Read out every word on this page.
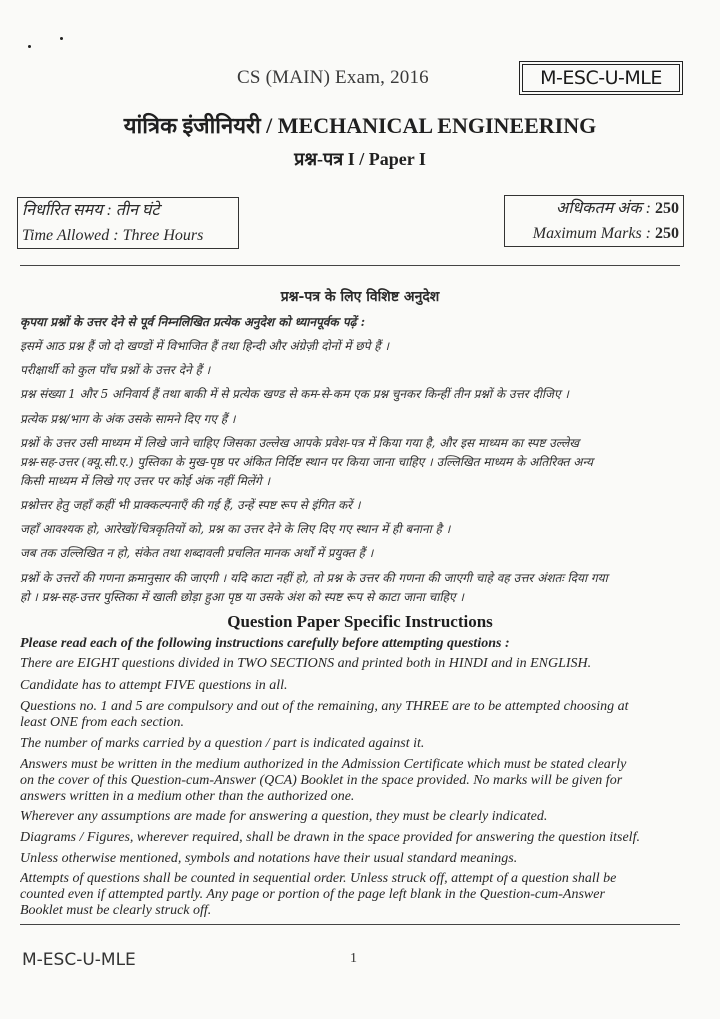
CS (MAIN) Exam, 2016	M-ESC-U-MLE
यांत्रिक इंजीनियरी / MECHANICAL ENGINEERING
प्रश्न-पत्र I / Paper I
निर्धारित समय : तीन घंटे
Time Allowed : Three Hours
अधिकतम अंक : 250
Maximum Marks : 250
प्रश्न-पत्र के लिए विशिष्ट अनुदेश
कृपया प्रश्नों के उत्तर देने से पूर्व निम्नलिखित प्रत्येक अनुदेश को ध्यानपूर्वक पढ़ें :
इसमें आठ प्रश्न हैं जो दो खण्डों में विभाजित हैं तथा हिन्दी और अंग्रेज़ी दोनों में छपे हैं ।
परीक्षार्थी को कुल पाँच प्रश्नों के उत्तर देने हैं ।
प्रश्न संख्या 1 और 5 अनिवार्य हैं तथा बाकी में से प्रत्येक खण्ड से कम-से-कम एक प्रश्न चुनकर किन्हीं तीन प्रश्नों के उत्तर दीजिए ।
प्रत्येक प्रश्न/भाग के अंक उसके सामने दिए गए हैं ।
प्रश्नों के उत्तर उसी माध्यम में लिखे जाने चाहिए जिसका उल्लेख आपके प्रवेश-पत्र में किया गया है, और इस माध्यम का स्पष्ट उल्लेख
प्रश्न-सह-उत्तर (क्यू.सी.ए.) पुस्तिका के मुख-पृष्ठ पर अंकित निर्दिष्ट स्थान पर किया जाना चाहिए । उल्लिखित माध्यम के अतिरिक्त अन्य
किसी माध्यम में लिखे गए उत्तर पर कोई अंक नहीं मिलेंगे ।
प्रश्नोत्तर हेतु जहाँ कहीं भी प्राक्कल्पनाएँ की गई हैं, उन्हें स्पष्ट रूप से इंगित करें ।
जहाँ आवश्यक हो, आरेखों/चित्रकृतियों को, प्रश्न का उत्तर देने के लिए दिए गए स्थान में ही बनाना है ।
जब तक उल्लिखित न हो, संकेत तथा शब्दावली प्रचलित मानक अर्थों में प्रयुक्त हैं ।
प्रश्नों के उत्तरों की गणना क्रमानुसार की जाएगी । यदि काटा नहीं हो, तो प्रश्न के उत्तर की गणना की जाएगी चाहे वह उत्तर अंशतः दिया गया
हो । प्रश्न-सह-उत्तर पुस्तिका में खाली छोड़ा हुआ पृष्ठ या उसके अंश को स्पष्ट रूप से काटा जाना चाहिए ।
Question Paper Specific Instructions
Please read each of the following instructions carefully before attempting questions :
There are EIGHT questions divided in TWO SECTIONS and printed both in HINDI and in ENGLISH.
Candidate has to attempt FIVE questions in all.
Questions no. 1 and 5 are compulsory and out of the remaining, any THREE are to be attempted choosing at
least ONE from each section.
The number of marks carried by a question / part is indicated against it.
Answers must be written in the medium authorized in the Admission Certificate which must be stated clearly
on the cover of this Question-cum-Answer (QCA) Booklet in the space provided. No marks will be given for
answers written in a medium other than the authorized one.
Wherever any assumptions are made for answering a question, they must be clearly indicated.
Diagrams / Figures, wherever required, shall be drawn in the space provided for answering the question itself.
Unless otherwise mentioned, symbols and notations have their usual standard meanings.
Attempts of questions shall be counted in sequential order. Unless struck off, attempt of a question shall be
counted even if attempted partly. Any page or portion of the page left blank in the Question-cum-Answer
Booklet must be clearly struck off.
M-ESC-U-MLE	1
